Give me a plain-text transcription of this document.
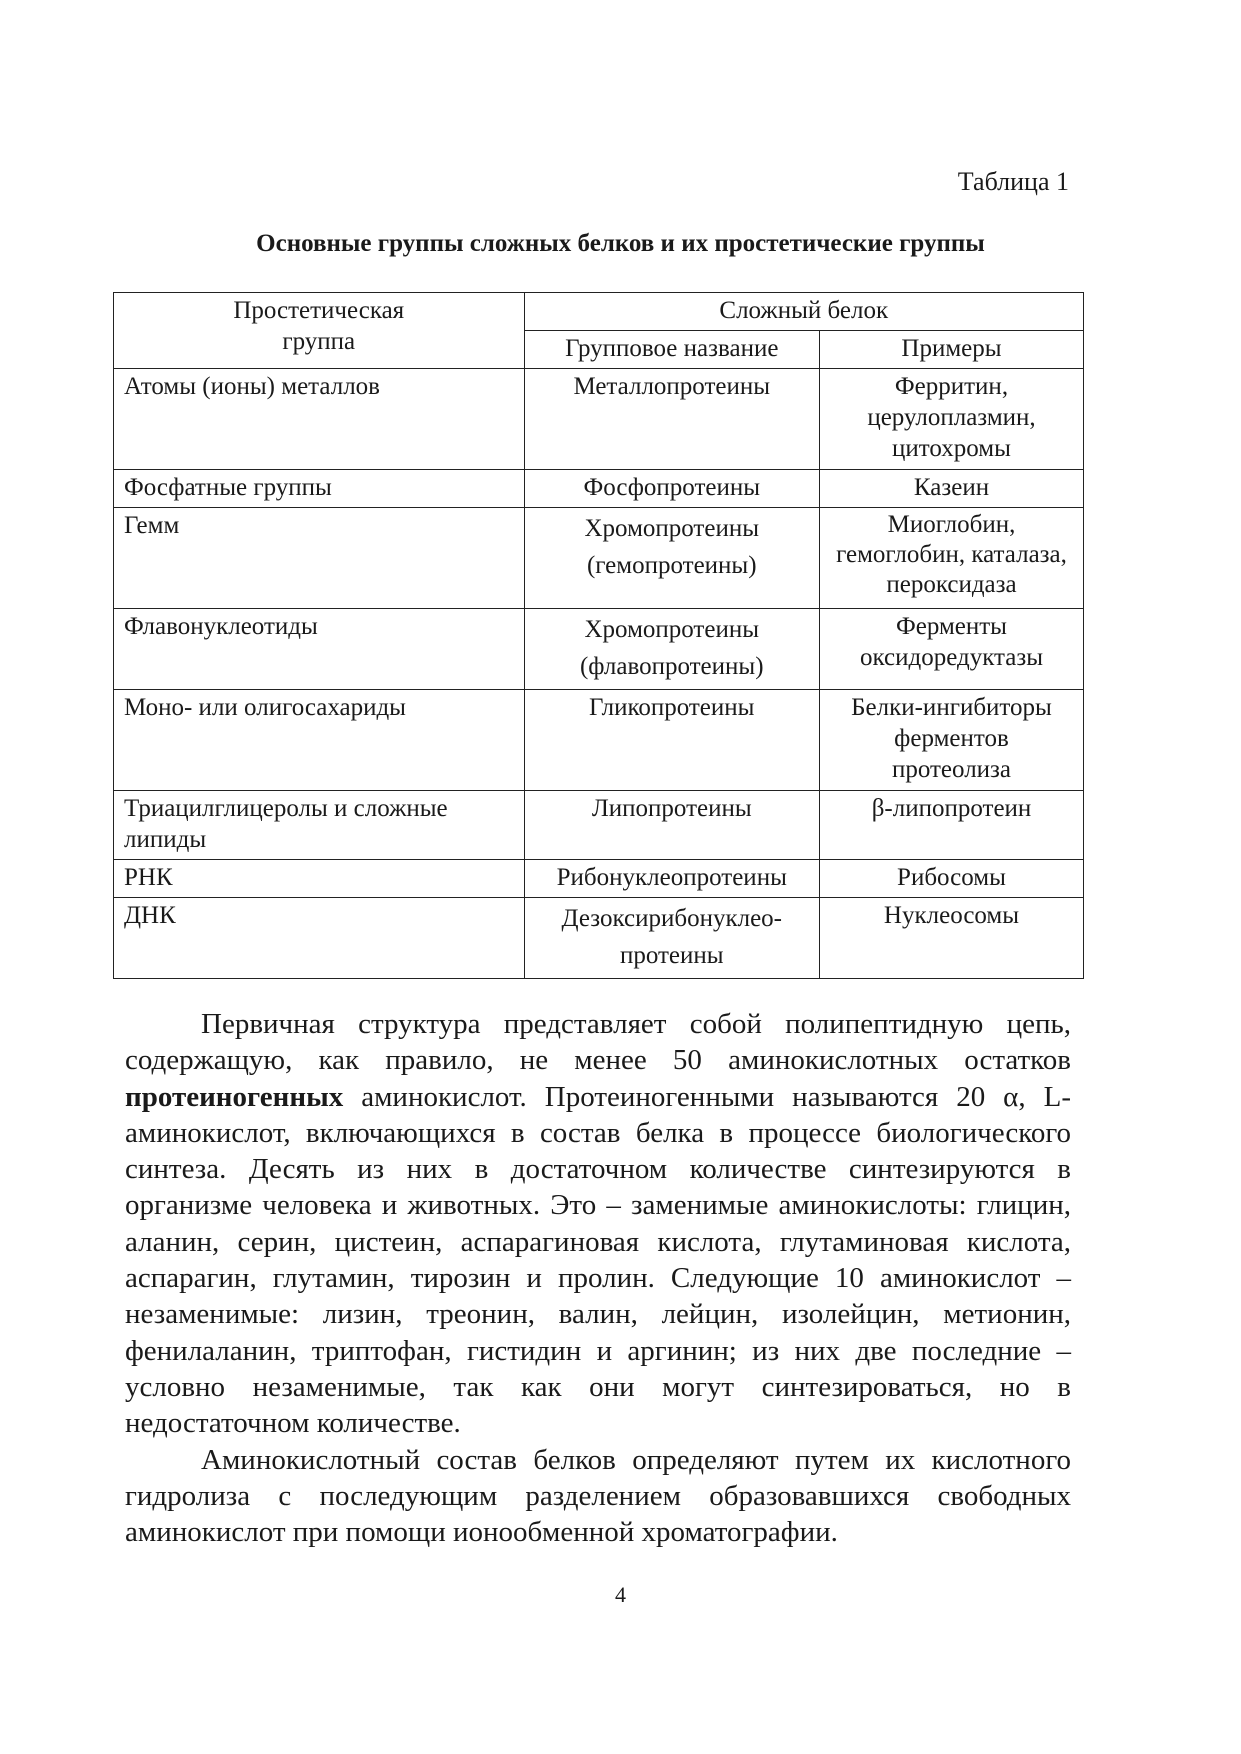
Таблица 1
Основные группы сложных белков и их простетические группы
Простетическая группа	Сложный белок	
	Групповое название	Примеры
Атомы (ионы) металлов	Металлопротеины	Ферритин, церулоплазмин, цитохромы
Фосфатные группы	Фосфопротеины	Казеин
Гемм	Хромопротеины (гемопротеины)	Миоглобин, гемоглобин, каталаза, пероксидаза
Флавонуклеотиды	Хромопротеины (флавопротеины)	Ферменты оксидоредуктазы
Моно- или олигосахариды	Гликопротеины	Белки-ингибиторы ферментов протеолиза
Триацилглицеролы и сложные липиды	Липопротеины	β-липопротеин
РНК	Рибонуклеопротеины	Рибосомы
ДНК	Дезоксирибонуклео-протеины	Нуклеосомы

Первичная структура представляет собой полипептидную цепь, содержащую, как правило, не менее 50 аминокислотных остатков протеиногенных аминокислот. Протеиногенными называются 20 α, L-аминокислот, включающихся в состав белка в процессе биологического синтеза. Десять из них в достаточном количестве синтезируются в организме человека и животных. Это – заменимые аминокислоты: глицин, аланин, серин, цистеин, аспарагиновая кислота, глутаминовая кислота, аспарагин, глутамин, тирозин и пролин. Следующие 10 аминокислот – незаменимые: лизин, треонин, валин, лейцин, изолейцин, метионин, фенилаланин, триптофан, гистидин и аргинин; из них две последние – условно незаменимые, так как они могут синтезироваться, но в недостаточном количестве.

Аминокислотный состав белков определяют путем их кислотного гидролиза с последующим разделением образовавшихся свободных аминокислот при помощи ионообменной хроматографии.

4
